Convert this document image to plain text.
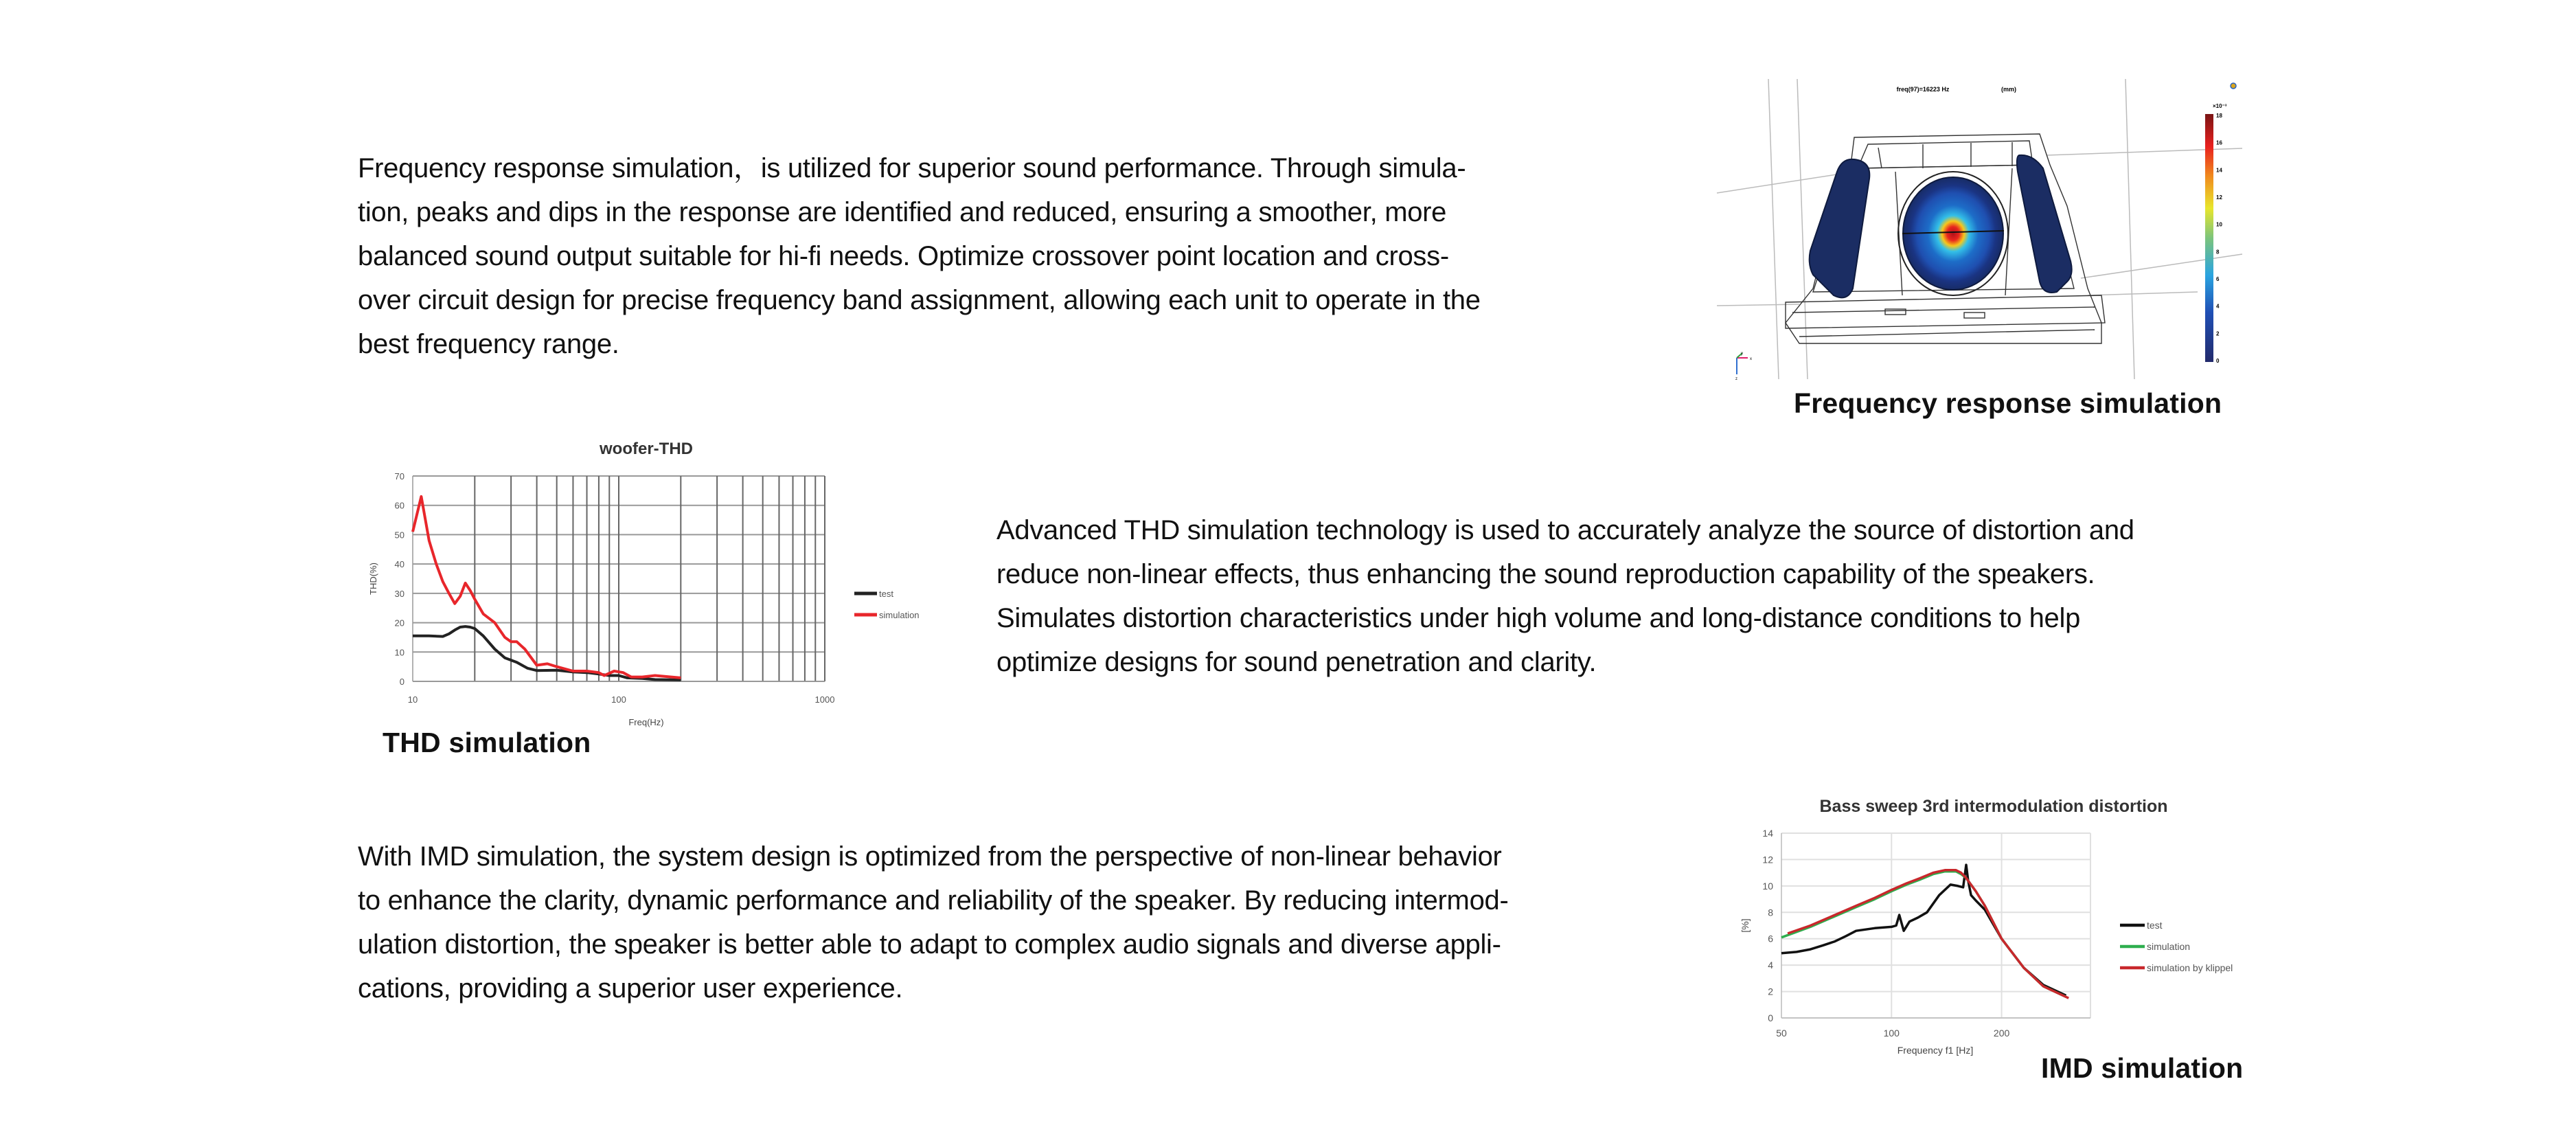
Frequency response simulation，is utilized for superior sound performance. Through simula-
tion, peaks and dips in the response are identified and reduced, ensuring a smoother, more
balanced sound output suitable for hi-fi needs. Optimize crossover point location and cross-
over circuit design for precise frequency band assignment, allowing each unit to operate in the
best frequency range.
freq(97)=16223 Hz	(mm)
×10⁻³
18
16
14
12
10
8
6
4
2
0
y
x
z
Frequency response simulation
0
10
20
30
40
50
60
70
10	100	1000
woofer-THD
Freq(Hz)
THD(%)	test
simulation
THD simulation
Advanced THD simulation technology is used to accurately analyze the source of distortion and
reduce non-linear effects, thus enhancing the sound reproduction capability of the speakers.
Simulates distortion characteristics under high volume and long-distance conditions to help
optimize designs for sound penetration and clarity.
With IMD simulation, the system design is optimized from the perspective of non-linear behavior
to enhance the clarity, dynamic performance and reliability of the speaker. By reducing intermod-
ulation distortion, the speaker is better able to adapt to complex audio signals and diverse appli-
cations, providing a superior user experience.
0
2
4
6
8
10
12
14
50	100	200
Bass sweep 3rd intermodulation distortion
Frequency f1 [Hz]
[%]	test
simulation
simulation by klippel
IMD simulation
